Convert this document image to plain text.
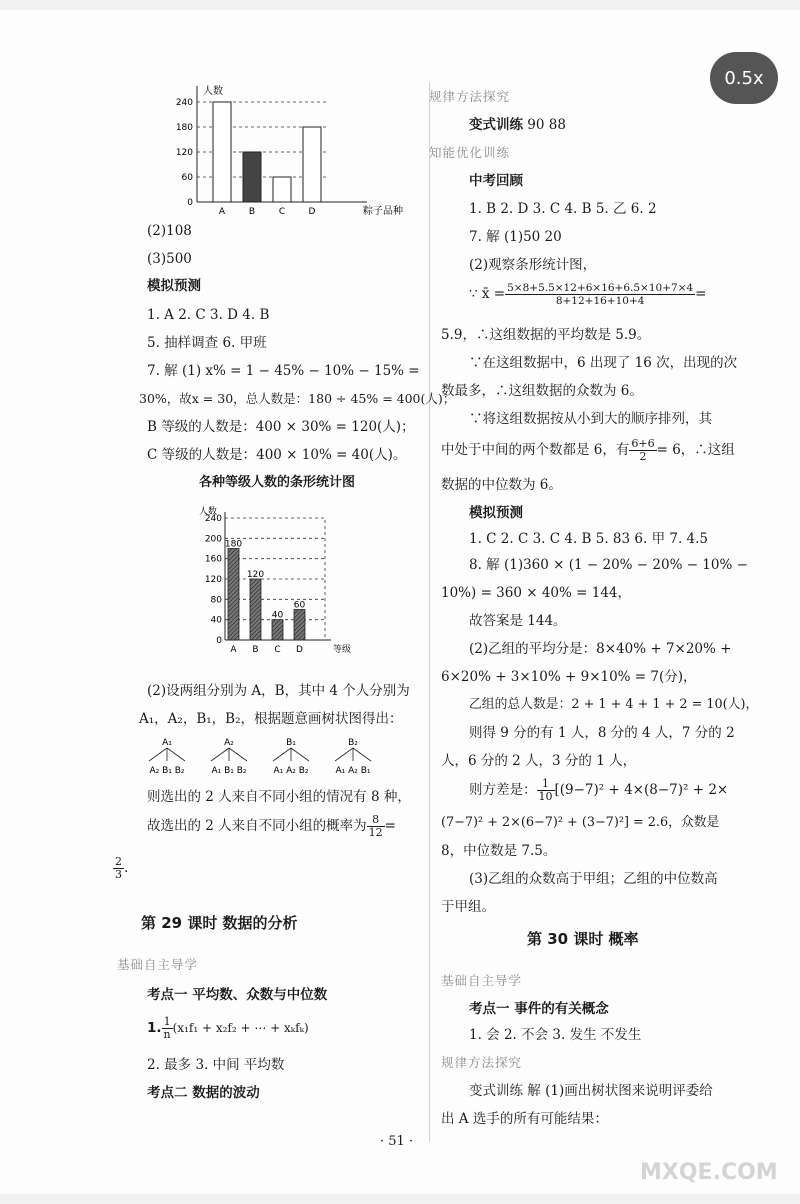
0.5x
人数
粽子品种
0
60
120
180
240
A	B	C	D
(2)108
(3)500
模拟预测
1. A 2. C 3. D 4. B
5. 抽样调查 6. 甲班
7. 解 (1) x% = 1 − 45% − 10% − 15% =
30%，故x = 30，总人数是：180 ÷ 45% = 400(人)；
B 等级的人数是：400 × 30% = 120(人)；
C 等级的人数是：400 × 10% = 40(人)。
各种等级人数的条形统计图
人数
0
40
80
120
160
200
240
等级
180
A
120
B
40
C
60
D
(2)设两组分别为 A，B，其中 4 个人分别为
A₁，A₂，B₁，B₂，根据题意画树状图得出：
A₁
A₂ B₁ B₂
A₂
A₁ B₁ B₂
B₁
A₁ A₂ B₂
B₂
A₁ A₂ B₁
则选出的 2 人来自不同小组的情况有 8 种，
故选出的 2 人来自不同小组的概率为 $\frac{8}{12}$ =
$\frac{2}{3}$ .
第 29 课时 数据的分析
基础自主导学
考点一 平均数、众数与中位数
1. $\frac{1}{n} (x_1f_1 + x_2f_2$ + ⋯ + xₖfₖ)
2. 最多 3. 中间 平均数
考点二 数据的波动
规律方法探究
变式训练 90 88
知能优化训练
中考回顾
1. B 2. D 3. C 4. B 5. 乙 6. 2
7. 解 (1)50 20
(2)观察条形统计图，
∵ x̄ = $\frac{5\times 8+5.5\times 12+6\times 16+6.5\times 10+7\times 4}{8+12+16+10+4}$ =
5.9，∴这组数据的平均数是 5.9。
∵在这组数据中，6 出现了 16 次，出现的次
数最多，∴这组数据的众数为 6。
∵将这组数据按从小到大的顺序排列，其
中处于中间的两个数都是 6，有 $\frac{6+6}{2} = 6$，∴这组
数据的中位数为 6。
模拟预测
1. C 2. C 3. C 4. B 5. 83 6. 甲 7. 4.5
8. 解 (1)360 × (1 − 20% − 20% − 10% −
10%) = 360 × 40% = 144，
故答案是 144。
(2)乙组的平均分是：8×40% + 7×20% +
6×20% + 3×10% + 9×10% = 7(分)，
乙组的总人数是：2 + 1 + 4 + 1 + 2 = 10(人)，
则得 9 分的有 1 人，8 分的 4 人，7 分的 2
人，6 分的 2 人，3 分的 1 人，
则方差是： $\frac{1}{10} [(9-7)^2 + 4\times(8-7)^2 + 2\times$
(7−7)² + 2×(6−7)² + (3−7)²] = 2.6，众数是
8，中位数是 7.5。
(3)乙组的众数高于甲组；乙组的中位数高
于甲组。
第 30 课时 概率
基础自主导学
考点一 事件的有关概念
1. 会 2. 不会 3. 发生 不发生
规律方法探究
变式训练 解 (1)画出树状图来说明评委给
出 A 选手的所有可能结果：
· 51 ·
MXQE.COM
